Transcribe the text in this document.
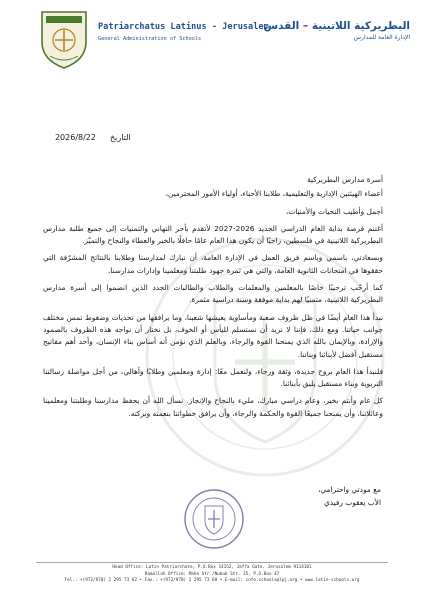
Patriarchatus Latinus - Jerusalem
General Administration of Schools
البطريركية اللاتينية – القدس
الإدارة العامة للمدارس
2026/8/22 التاريخ

أسرة مدارس البطريركية

أعضاء الهيئتين الإدارية والتعليمية، طلابنا الأحباء، أولياء الأمور المحترمين،

أجمل وأطيب التحيات والأمنيات،

أغتنم فرصة بداية العام الدراسي الجديد 2026-2027 لأتقدم بأحر التهاني والتمنيات إلى جميع طلبة مدارس البطريركية اللاتينية في فلسطين، راجيًا أن يكون هذا العام عامًا حافلًا بالخير والعطاء والنجاح والتميّز.

وبسعادتي، باسمي وباسم فريق العمل في الإدارة العامة، أن نبارك لمدارسنا وطلابنا بالنتائج المشرّفة التي حققوها في امتحانات الثانوية العامة، والتي هي ثمرة جهود طلبتنا ومعلمينا وإدارات مدارسنا.

كما أرحّب ترحيبًا خاصًا بالمعلمين والمعلمات والطلاب والطالبات الجدد الذين انضموا إلى أسرة مدارس البطريركية اللاتينية، متمنيًا لهم بداية موفقة وسنة دراسية مثمرة.

نبدأ هذا العام أيضًا في ظل ظروف صعبة ومأساوية يعيشها شعبنا، وما يرافقها من تحديات وضغوط تمس مختلف جوانب حياتنا. ومع ذلك، فإننا لا نريد أن نستسلم لليأس أو الخوف، بل نختار أن نواجه هذه الظروف بالصمود والإرادة، وبالإيمان بالله الذي يمنحنا القوة والرجاء، وبالعلم الذي نؤمن أنه أساس بناء الإنسان، وأحد أهم مفاتيح مستقبل أفضل لأبنائنا وبناتنا.

فلنبدأ هذا العام بروح جديدة، وثقة ورجاء، ولنعمل معًا: إدارة ومعلمين وطلابًا وأهالي، من أجل مواصلة رسالتنا التربوية وبناء مستقبل يليق بأبنائنا.

كل عام وأنتم بخير، وعام دراسي مبارك، مليء بالنجاح والإنجاز. نسأل الله أن يحفظ مدارسنا وطلبتنا ومعلمينا وعائلاتنا، وأن يمنحنا جميعًا القوة والحكمة والرجاء، وأن يرافق خطواتنا بنعمته وبركته.

مع مودتي واحترامي،
الأب يعقوب رفيدي
Head Office: Latin Patriarchate, P.O.Box 14152, Jaffa Gate, Jerusalem 9114101
Ramallah Office: Mahe Str./Nubub Str. 35, P.O.Box 47
Tel.: +(972/970) 2 295 73 62 • Fax.: +(972/970) 2 295 73 68 • E-mail: info.schools@lpj.org • www.latin-schools.org
